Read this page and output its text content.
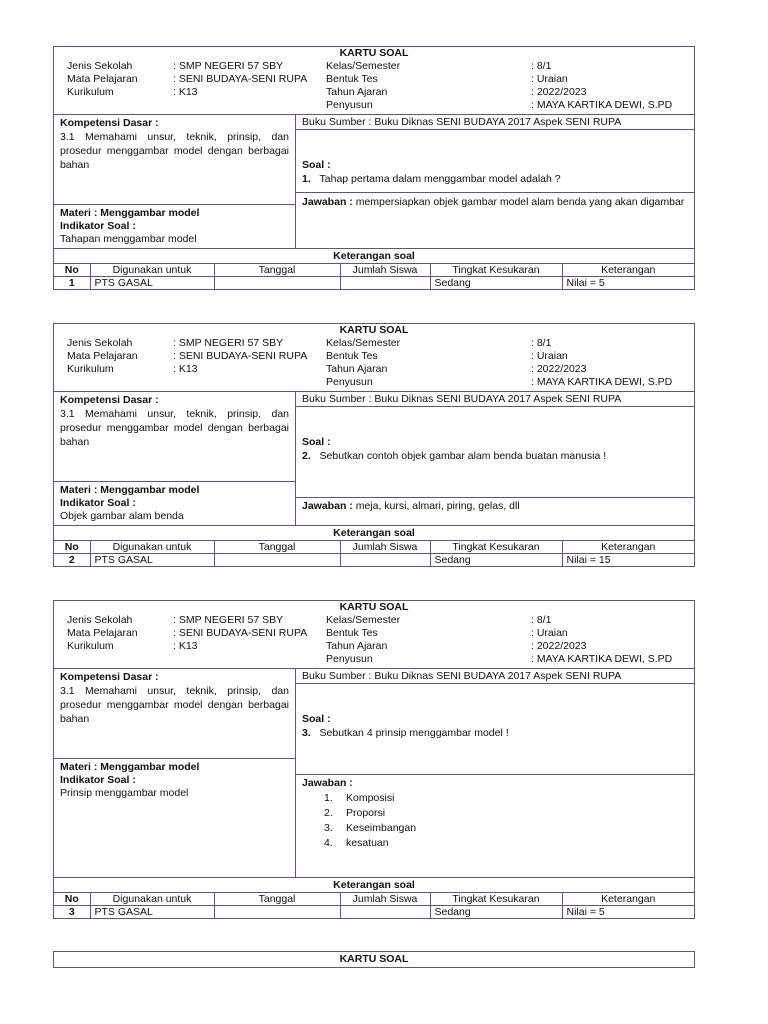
KARTU SOAL
Jenis Sekolah	: SMP NEGERI 57 SBY
Mata Pelajaran	: SENI BUDAYA-SENI RUPA
Kurikulum	: K13
Kelas/Semester	: 8/1
Bentuk Tes	: Uraian
Tahun Ajaran	: 2022/2023
Penyusun	: MAYA KARTIKA DEWI, S.PD
Kompetensi Dasar :
3.1 Memahami unsur, teknik, prinsip, dan prosedur menggambar model dengan berbagai bahan
Materi : Menggambar model
Indikator Soal :
Tahapan menggambar model
Buku Sumber : Buku Diknas SENI BUDAYA 2017 Aspek SENI RUPA
Soal :
1. Tahap pertama dalam menggambar model adalah ?
Jawaban : mempersiapkan objek gambar model alam benda yang akan digambar
Keterangan soal
No	Digunakan untuk	Tanggal	Jumlah Siswa	Tingkat Kesukaran	Keterangan
1	PTS GASAL			Sedang	Nilai = 5
KARTU SOAL
Jenis Sekolah	: SMP NEGERI 57 SBY
Mata Pelajaran	: SENI BUDAYA-SENI RUPA
Kurikulum	: K13
Kelas/Semester	: 8/1
Bentuk Tes	: Uraian
Tahun Ajaran	: 2022/2023
Penyusun	: MAYA KARTIKA DEWI, S.PD
Kompetensi Dasar :
3.1 Memahami unsur, teknik, prinsip, dan prosedur menggambar model dengan berbagai bahan
Materi : Menggambar model
Indikator Soal :
Objek gambar alam benda
Buku Sumber : Buku Diknas SENI BUDAYA 2017 Aspek SENI RUPA
Soal :
2. Sebutkan contoh objek gambar alam benda buatan manusia !
Jawaban : meja, kursi, almari, piring, gelas, dll
Keterangan soal
No	Digunakan untuk	Tanggal	Jumlah Siswa	Tingkat Kesukaran	Keterangan
2	PTS GASAL			Sedang	Nilai = 15
KARTU SOAL
Jenis Sekolah	: SMP NEGERI 57 SBY
Mata Pelajaran	: SENI BUDAYA-SENI RUPA
Kurikulum	: K13
Kelas/Semester	: 8/1
Bentuk Tes	: Uraian
Tahun Ajaran	: 2022/2023
Penyusun	: MAYA KARTIKA DEWI, S.PD
Kompetensi Dasar :
3.1 Memahami unsur, teknik, prinsip, dan prosedur menggambar model dengan berbagai bahan
Materi : Menggambar model
Indikator Soal :
Prinsip menggambar model
Buku Sumber : Buku Diknas SENI BUDAYA 2017 Aspek SENI RUPA
Soal :
3. Sebutkan 4 prinsip menggambar model !
Jawaban :
1. Komposisi
2. Proporsi
3. Keseimbangan
4. kesatuan
Keterangan soal
No	Digunakan untuk	Tanggal	Jumlah Siswa	Tingkat Kesukaran	Keterangan
3	PTS GASAL			Sedang	Nilai = 5
KARTU SOAL
